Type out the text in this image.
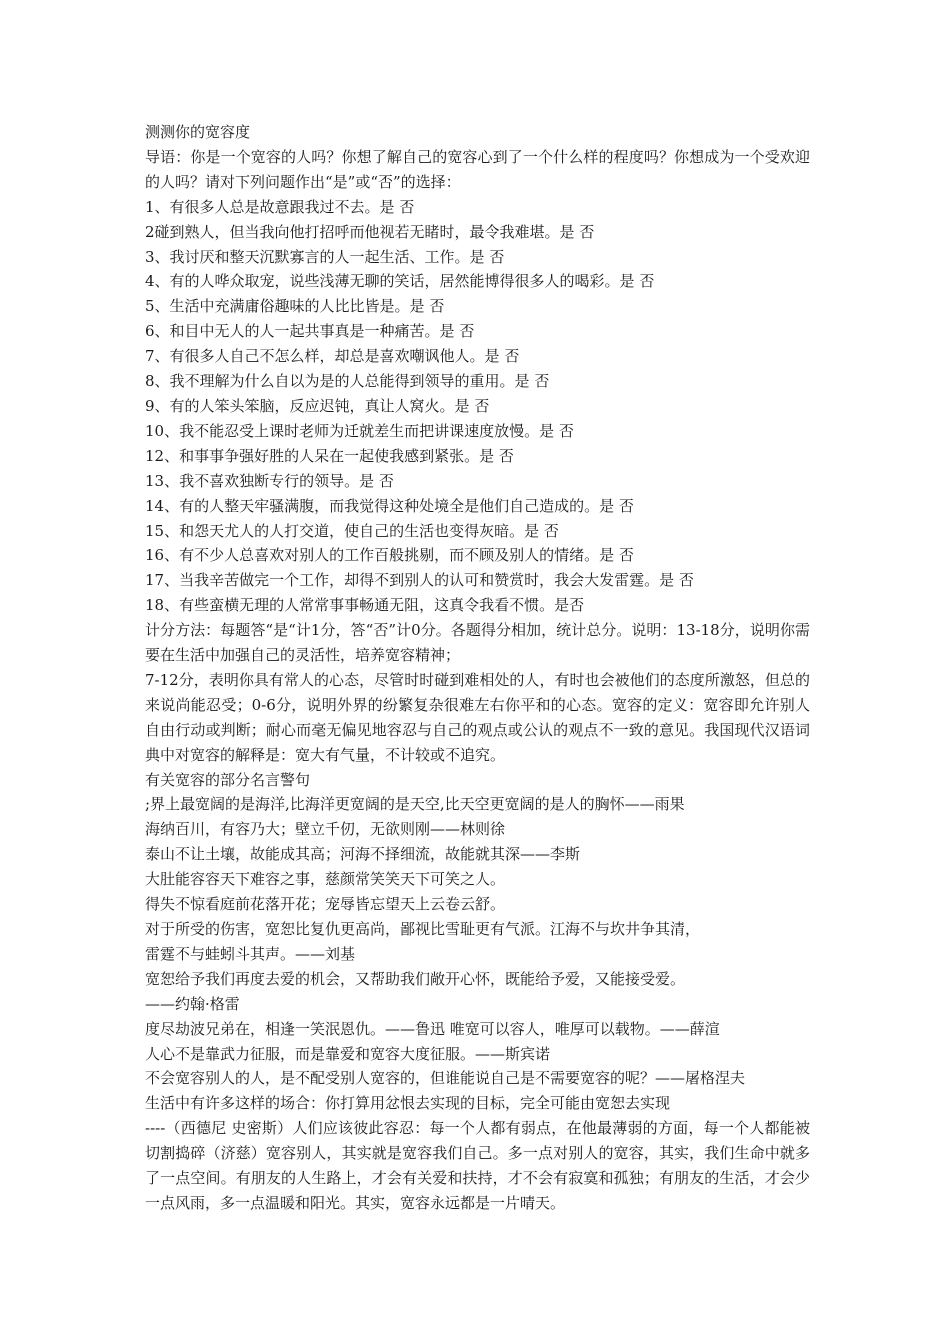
测测你的宽容度
导语：你是一个宽容的人吗？你想了解自己的宽容心到了一个什么样的程度吗？你想成为一个受欢迎的人吗？请对下列问题作出“是”或“否”的选择：
1、有很多人总是故意跟我过不去。是 否
2碰到熟人，但当我向他打招呼而他视若无睹时，最令我难堪。是 否
3、我讨厌和整天沉默寡言的人一起生活、工作。是 否
4、有的人哗众取宠，说些浅薄无聊的笑话，居然能博得很多人的喝彩。是 否
5、生活中充满庸俗趣味的人比比皆是。是 否
6、和目中无人的人一起共事真是一种痛苦。是 否
7、有很多人自己不怎么样，却总是喜欢嘲讽他人。是 否
8、我不理解为什么自以为是的人总能得到领导的重用。是 否
9、有的人笨头笨脑，反应迟钝，真让人窝火。是 否
10、我不能忍受上课时老师为迁就差生而把讲课速度放慢。是 否
12、和事事争强好胜的人呆在一起使我感到紧张。是 否
13、我不喜欢独断专行的领导。是 否
14、有的人整天牢骚满腹，而我觉得这种处境全是他们自己造成的。是 否
15、和怨天尤人的人打交道，使自己的生活也变得灰暗。是 否
16、有不少人总喜欢对别人的工作百般挑剔，而不顾及别人的情绪。是 否
17、当我辛苦做完一个工作，却得不到别人的认可和赞赏时，我会大发雷霆。是 否
18、有些蛮横无理的人常常事事畅通无阻，这真令我看不惯。是否
计分方法：每题答“是“计1分，答“否”计0分。各题得分相加，统计总分。说明：13-18分，说明你需要在生活中加强自己的灵活性，培养宽容精神；
7-12分，表明你具有常人的心态，尽管时时碰到难相处的人，有时也会被他们的态度所激怒，但总的来说尚能忍受；0-6分，说明外界的纷繁复杂很难左右你平和的心态。宽容的定义：宽容即允许别人自由行动或判断；耐心而毫无偏见地容忍与自己的观点或公认的观点不一致的意见。我国现代汉语词典中对宽容的解释是：宽大有气量，不计较或不追究。
有关宽容的部分名言警句
;界上最宽阔的是海洋,比海洋更宽阔的是天空,比天空更宽阔的是人的胸怀——雨果
海纳百川，有容乃大；壁立千仞，无欲则刚——林则徐
泰山不让土壤，故能成其高；河海不择细流，故能就其深——李斯
大肚能容容天下难容之事，慈颜常笑笑天下可笑之人。
得失不惊看庭前花落开花；宠辱皆忘望天上云卷云舒。
对于所受的伤害，宽恕比复仇更高尚，鄙视比雪耻更有气派。江海不与坎井争其清，
雷霆不与蛙蚓斗其声。——刘基
宽恕给予我们再度去爱的机会，又帮助我们敞开心怀，既能给予爱，又能接受爱。
——约翰·格雷
度尽劫波兄弟在，相逢一笑泯恩仇。——鲁迅 唯宽可以容人，唯厚可以载物。——薛渲
人心不是靠武力征服，而是靠爱和宽容大度征服。——斯宾诺
不会宽容别人的人，是不配受别人宽容的，但谁能说自己是不需要宽容的呢？——屠格涅夫
生活中有许多这样的场合：你打算用忿恨去实现的目标，完全可能由宽恕去实现
----（西德尼 史密斯）人们应该彼此容忍：每一个人都有弱点，在他最薄弱的方面，每一个人都能被切割捣碎（济慈）宽容别人，其实就是宽容我们自己。多一点对别人的宽容，其实，我们生命中就多了一点空间。有朋友的人生路上，才会有关爱和扶持，才不会有寂寞和孤独；有朋友的生活，才会少一点风雨，多一点温暖和阳光。其实，宽容永远都是一片晴天。
